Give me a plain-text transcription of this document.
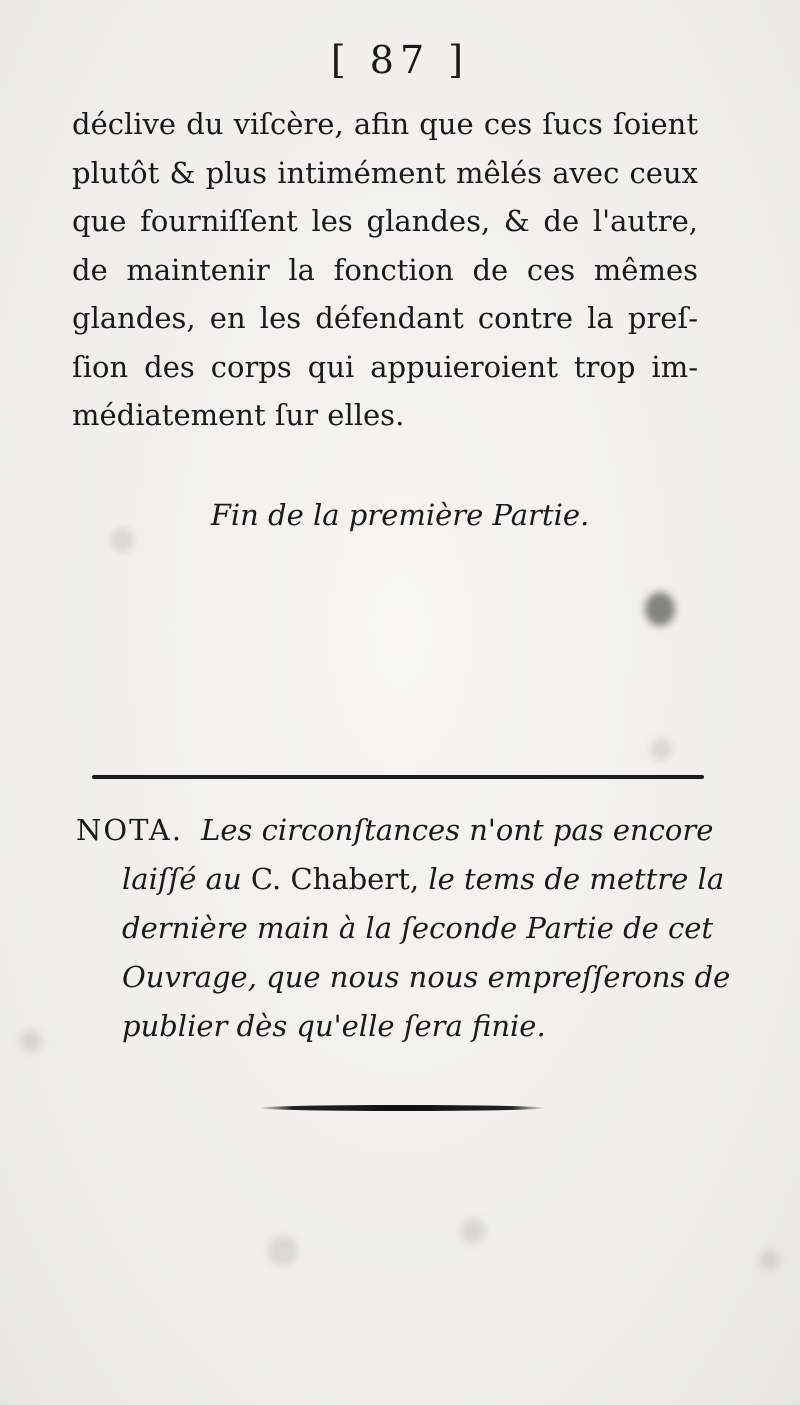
[ 87 ]
déclive du viſcère, afin que ces ſucs ſoient
plutôt & plus intimément mêlés avec ceux
que fourniſſent les glandes, & de l'autre,
de maintenir la fonction de ces mêmes
glandes, en les défendant contre la preſ-
ſion des corps qui appuieroient trop im-
médiatement ſur elles.
Fin de la première Partie.
NOTA. Les circonſtances n'ont pas encore
laiſſé au C. Chabert, le tems de mettre la
dernière main à la ſeconde Partie de cet
Ouvrage, que nous nous empreſſerons de
publier dès qu'elle ſera finie.
